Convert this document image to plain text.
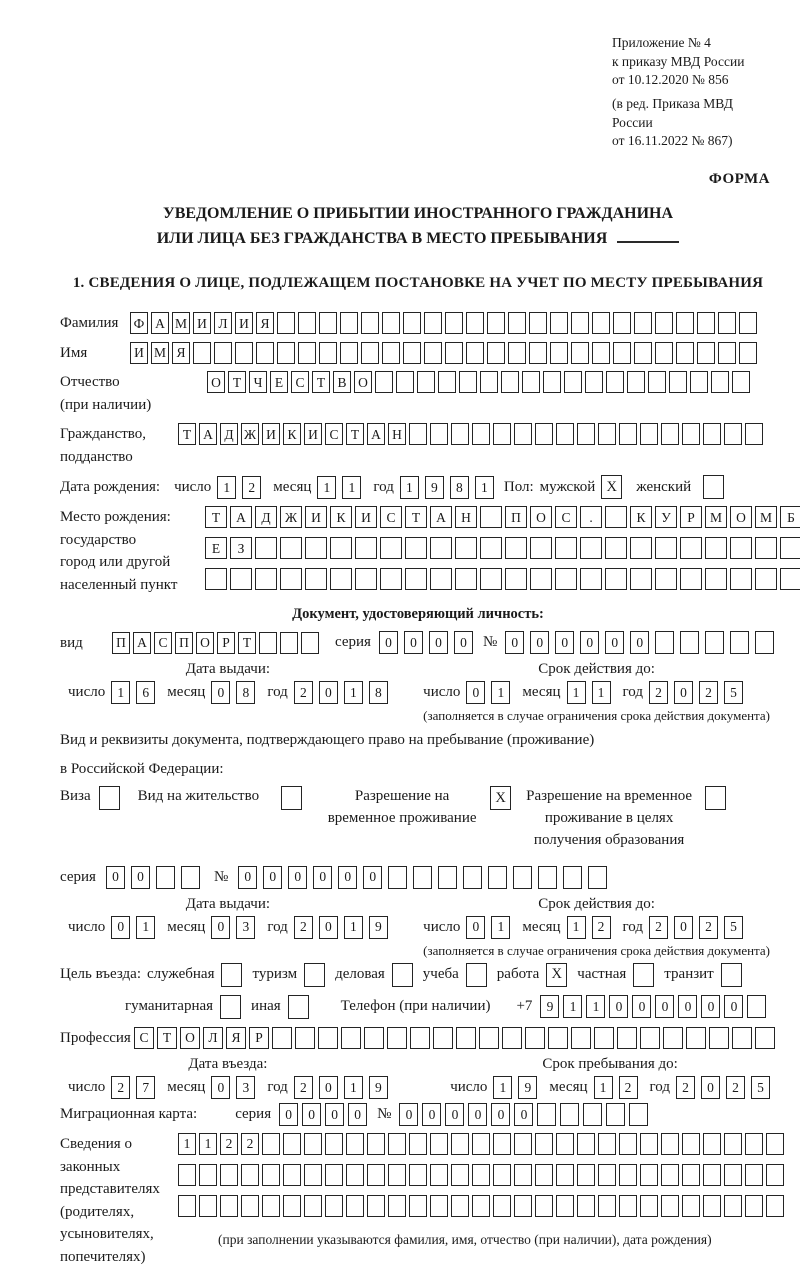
Приложение № 4
к приказу МВД России
от 10.12.2020 № 856
(в ред. Приказа МВД России
от 16.11.2022 № 867)
ФОРМА
УВЕДОМЛЕНИЕ О ПРИБЫТИИ ИНОСТРАННОГО ГРАЖДАНИНА
ИЛИ ЛИЦА БЕЗ ГРАЖДАНСТВА В МЕСТО ПРЕБЫВАНИЯ
1. СВЕДЕНИЯ О ЛИЦЕ, ПОДЛЕЖАЩЕМ ПОСТАНОВКЕ НА УЧЕТ ПО МЕСТУ ПРЕБЫВАНИЯ
Фамилия	Ф А М И Л И Я
Имя	И М Я
Отчество
(при наличии)
О Т Ч Е С Т В О
Гражданство,
подданство
Т А Д Ж И К И С Т А Н
Дата рождения: число 1	2	месяц 1	1	год 1	9	8	1	Пол: мужской X	женский
Место рождения:
государство
город или другой
населенный пункт
Т	А	Д	Ж	И	К	И	С	Т	А	Н	П	О	С	.	К	У	Р	М	О	М	Б
Е	З
Документ, удостоверяющий личность:
вид	П А С П О Р Т	серия	0	0	0	0	№	0	0	0	0	0	0
Дата выдачи:
число 1	6	месяц 0	8	год 2	0	1	8
Срок действия до:
число 0	1	месяц 1	1	год 2	0	2	5
(заполняется в случае ограничения срока действия документа)
Вид и реквизиты документа, подтверждающего право на пребывание (проживание)
в Российской Федерации:
Виза	Вид на жительство	Разрешение на временное проживание
X	Разрешение на временное проживание в целях получения образования
серия	0	0	№	0	0	0	0	0	0
Дата выдачи:
число 0	1	месяц 0	3	год 2	0	1	9
Срок действия до:
число 0	1	месяц 1	2	год 2	0	2	5
(заполняется в случае ограничения срока действия документа)
Цель въезда: служебная	туризм	деловая	учеба	работа X	частная	транзит
гуманитарная	иная	Телефон (при наличии) +7	9	1	1	0	0	0	0	0	0
Профессия С	Т	О	Л	Я	Р
Дата въезда:
число 2	7	месяц 0	3	год 2	0	1	9
Срок пребывания до:
число 1	9	месяц 1	2	год 2	0	2	5
Миграционная карта:	серия	0	0	0	0	№	0	0	0	0	0	0
Сведения о
законных
представителях
(родителях,
усыновителях,
попечителях)
1	1	2	2
(при заполнении указываются фамилия, имя, отчество (при наличии), дата рождения)
